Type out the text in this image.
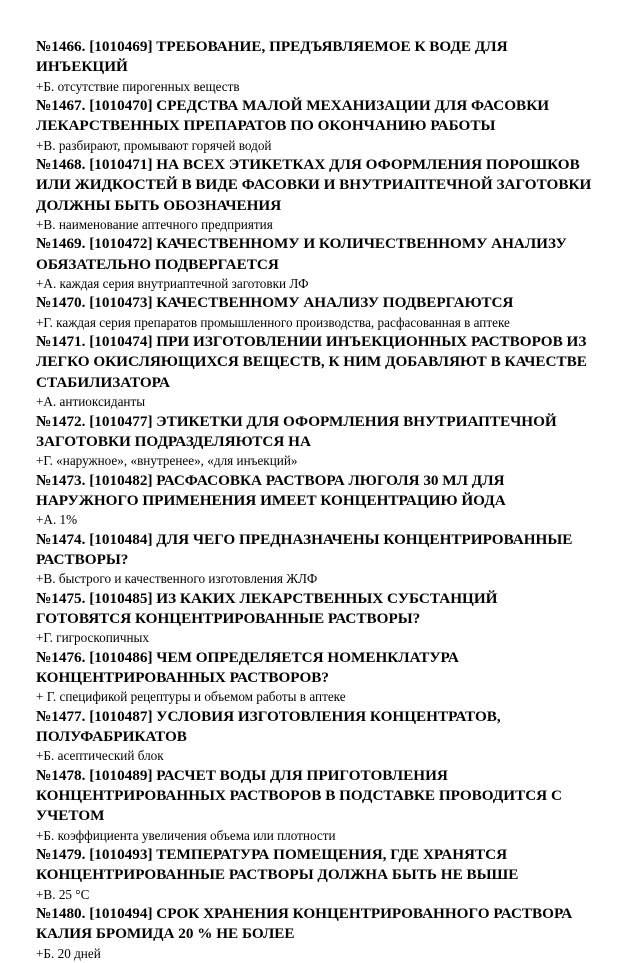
№1466. [1010469] ТРЕБОВАНИЕ, ПРЕДЪЯВЛЯЕМОЕ К ВОДЕ ДЛЯ ИНЪЕКЦИЙ

+Б. отсутствие пирогенных веществ

№1467. [1010470] СРЕДСТВА МАЛОЙ МЕХАНИЗАЦИИ ДЛЯ ФАСОВКИ ЛЕКАРСТВЕННЫХ ПРЕПАРАТОВ ПО ОКОНЧАНИЮ РАБОТЫ

+В. разбирают, промывают горячей водой

№1468. [1010471] НА ВСЕХ ЭТИКЕТКАХ ДЛЯ ОФОРМЛЕНИЯ ПОРОШКОВ ИЛИ ЖИДКОСТЕЙ В ВИДЕ ФАСОВКИ И ВНУТРИАПТЕЧНОЙ ЗАГОТОВКИ ДОЛЖНЫ БЫТЬ ОБОЗНАЧЕНИЯ

+В. наименование аптечного предприятия

№1469. [1010472] КАЧЕСТВЕННОМУ И КОЛИЧЕСТВЕННОМУ АНАЛИЗУ ОБЯЗАТЕЛЬНО ПОДВЕРГАЕТСЯ

+А. каждая серия внутриаптечной заготовки ЛФ

№1470. [1010473] КАЧЕСТВЕННОМУ АНАЛИЗУ ПОДВЕРГАЮТСЯ

+Г. каждая серия препаратов промышленного производства, расфасованная в аптеке

№1471. [1010474] ПРИ ИЗГОТОВЛЕНИИ ИНЪЕКЦИОННЫХ РАСТВОРОВ ИЗ ЛЕГКО ОКИСЛЯЮЩИХСЯ ВЕЩЕСТВ, К НИМ ДОБАВЛЯЮТ В КАЧЕСТВЕ СТАБИЛИЗАТОРА

+А. антиоксиданты

№1472. [1010477] ЭТИКЕТКИ ДЛЯ ОФОРМЛЕНИЯ ВНУТРИАПТЕЧНОЙ ЗАГОТОВКИ ПОДРАЗДЕЛЯЮТСЯ НА

+Г. «наружное», «внутренее», «для инъекций»

№1473. [1010482] РАСФАСОВКА РАСТВОРА ЛЮГОЛЯ 30 МЛ ДЛЯ НАРУЖНОГО ПРИМЕНЕНИЯ ИМЕЕТ КОНЦЕНТРАЦИЮ ЙОДА

+А. 1%

№1474. [1010484] ДЛЯ ЧЕГО ПРЕДНАЗНАЧЕНЫ КОНЦЕНТРИРОВАННЫЕ РАСТВОРЫ?

+В. быстрого и качественного изготовления ЖЛФ

№1475. [1010485] ИЗ КАКИХ ЛЕКАРСТВЕННЫХ СУБСТАНЦИЙ ГОТОВЯТСЯ КОНЦЕНТРИРОВАННЫЕ РАСТВОРЫ?

+Г. гигроскопичных

№1476. [1010486] ЧЕМ ОПРЕДЕЛЯЕТСЯ НОМЕНКЛАТУРА КОНЦЕНТРИРОВАННЫХ РАСТВОРОВ?

+ Г. спецификой рецептуры и объемом работы в аптеке

№1477. [1010487] УСЛОВИЯ ИЗГОТОВЛЕНИЯ КОНЦЕНТРАТОВ, ПОЛУФАБРИКАТОВ

+Б. асептический блок

№1478. [1010489] РАСЧЕТ ВОДЫ ДЛЯ ПРИГОТОВЛЕНИЯ КОНЦЕНТРИРОВАННЫХ РАСТВОРОВ В ПОДСТАВКЕ ПРОВОДИТСЯ С УЧЕТОМ

+Б. коэффициента увеличения объема или плотности

№1479. [1010493] ТЕМПЕРАТУРА ПОМЕЩЕНИЯ, ГДЕ ХРАНЯТСЯ КОНЦЕНТРИРОВАННЫЕ РАСТВОРЫ ДОЛЖНА БЫТЬ НЕ ВЫШЕ

+В. 25 °С

№1480. [1010494] СРОК ХРАНЕНИЯ КОНЦЕНТРИРОВАННОГО РАСТВОРА КАЛИЯ БРОМИДА 20 % НЕ БОЛЕЕ

+Б. 20 дней
